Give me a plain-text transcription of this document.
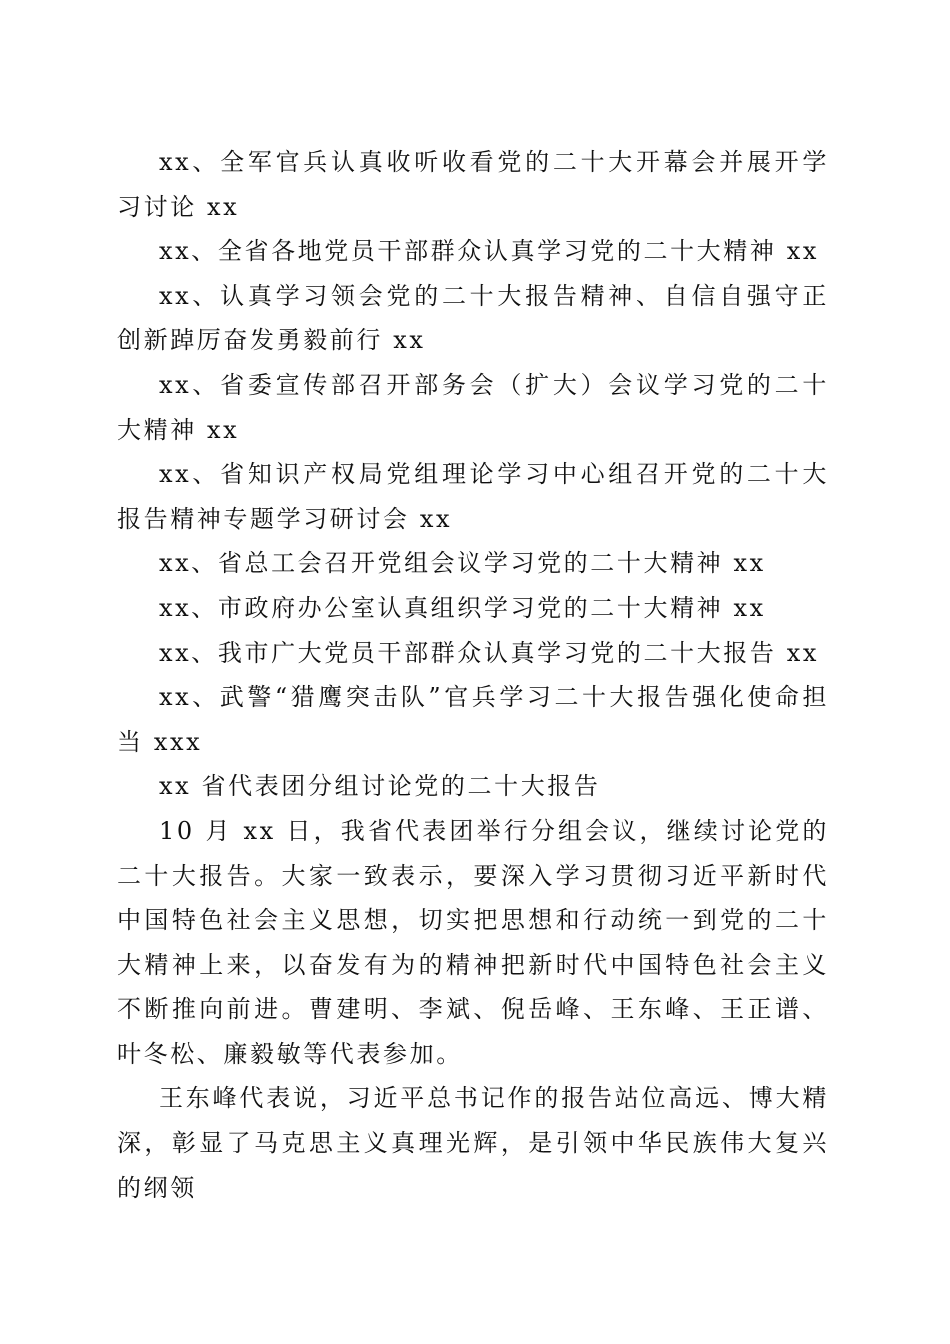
xx、全军官兵认真收听收看党的二十大开幕会并展开学习讨论 xx

xx、全省各地党员干部群众认真学习党的二十大精神 xx

xx、认真学习领会党的二十大报告精神、自信自强守正创新踔厉奋发勇毅前行 xx

xx、省委宣传部召开部务会（扩大）会议学习党的二十大精神 xx

xx、省知识产权局党组理论学习中心组召开党的二十大报告精神专题学习研讨会 xx

xx、省总工会召开党组会议学习党的二十大精神 xx

xx、市政府办公室认真组织学习党的二十大精神 xx

xx、我市广大党员干部群众认真学习党的二十大报告 xx

xx、武警“猎鹰突击队”官兵学习二十大报告强化使命担当 xxx

xx 省代表团分组讨论党的二十大报告

10 月 xx 日，我省代表团举行分组会议，继续讨论党的二十大报告。大家一致表示，要深入学习贯彻习近平新时代中国特色社会主义思想，切实把思想和行动统一到党的二十大精神上来，以奋发有为的精神把新时代中国特色社会主义不断推向前进。曹建明、李斌、倪岳峰、王东峰、王正谱、叶冬松、廉毅敏等代表参加。

王东峰代表说，习近平总书记作的报告站位高远、博大精深，彰显了马克思主义真理光辉，是引领中华民族伟大复兴的纲领
